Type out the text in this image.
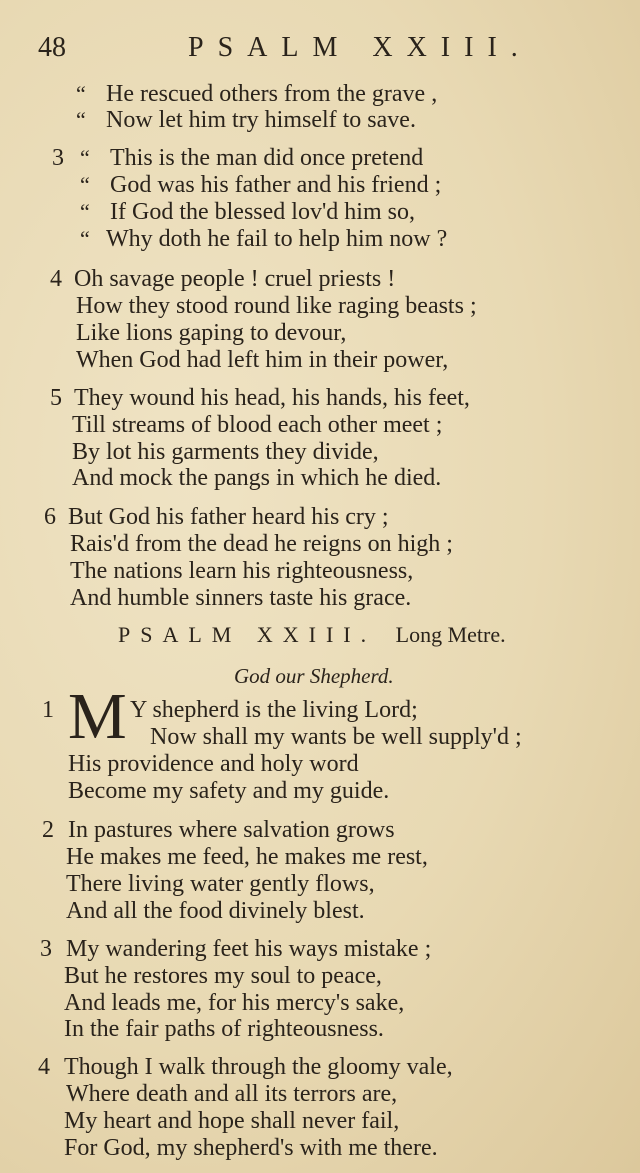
48	PSALM XXIII.
“ He rescued others from the grave ,
“ Now let him try himself to save.
3 “ This is the man did once pretend
“ God was his father and his friend ;
“ If God the blessed lov'd him so,
“ Why doth he fail to help him now ?
4 Oh savage people ! cruel priests !
How they stood round like raging beasts ;
Like lions gaping to devour,
When God had left him in their power,
5 They wound his head, his hands, his feet,
Till streams of blood each other meet ;
By lot his garments they divide,
And mock the pangs in which he died.
6 But God his father heard his cry ;
Rais'd from the dead he reigns on high ;
The nations learn his righteousness,
And humble sinners taste his grace.
PSALM XXIII. Long Metre.
God our Shepherd.
1 M Y shepherd is the living Lord;
Now shall my wants be well supply'd ;
His providence and holy word
Become my safety and my guide.
2 In pastures where salvation grows
He makes me feed, he makes me rest,
There living water gently flows,
And all the food divinely blest.
3 My wandering feet his ways mistake ;
But he restores my soul to peace,
And leads me, for his mercy's sake,
In the fair paths of righteousness.
4 Though I walk through the gloomy vale,
Where death and all its terrors are,
My heart and hope shall never fail,
For God, my shepherd's with me there.
